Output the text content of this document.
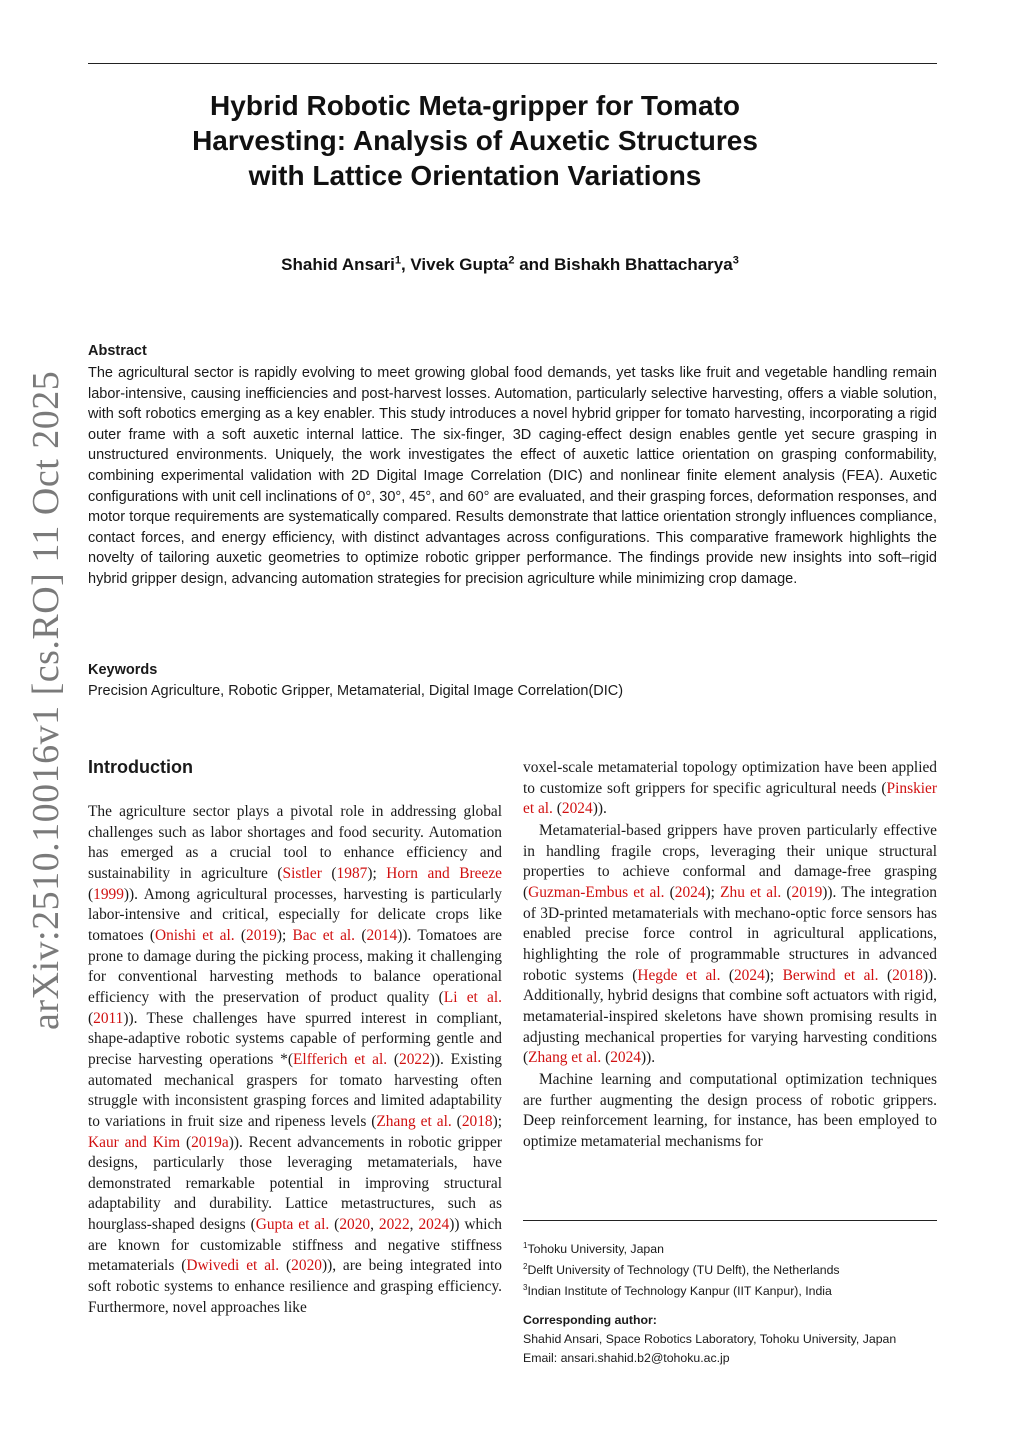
arXiv:2510.10016v1 [cs.RO] 11 Oct 2025
Hybrid Robotic Meta-gripper for Tomato Harvesting: Analysis of Auxetic Structures with Lattice Orientation Variations
Shahid Ansari$^1$, Vivek Gupta$^2$ and Bishakh Bhattacharya$^3$
Abstract

The agricultural sector is rapidly evolving to meet growing global food demands, yet tasks like fruit and vegetable handling remain labor-intensive, causing inefficiencies and post-harvest losses. Automation, particularly selective harvesting, offers a viable solution, with soft robotics emerging as a key enabler. This study introduces a novel hybrid gripper for tomato harvesting, incorporating a rigid outer frame with a soft auxetic internal lattice. The six-finger, 3D caging-effect design enables gentle yet secure grasping in unstructured environments. Uniquely, the work investigates the effect of auxetic lattice orientation on grasping conformability, combining experimental validation with 2D Digital Image Correlation (DIC) and nonlinear finite element analysis (FEA). Auxetic configurations with unit cell inclinations of 0°, 30°, 45°, and 60° are evaluated, and their grasping forces, deformation responses, and motor torque requirements are systematically compared. Results demonstrate that lattice orientation strongly influences compliance, contact forces, and energy efficiency, with distinct advantages across configurations. This comparative framework highlights the novelty of tailoring auxetic geometries to optimize robotic gripper performance. The findings provide new insights into soft–rigid hybrid gripper design, advancing automation strategies for precision agriculture while minimizing crop damage.

Keywords
Precision Agriculture, Robotic Gripper, Metamaterial, Digital Image Correlation(DIC)
Introduction

The agriculture sector plays a pivotal role in addressing global challenges such as labor shortages and food security. Automation has emerged as a crucial tool to enhance efficiency and sustainability in agriculture (Sistler (1987); Horn and Breeze (1999)). Among agricultural processes, harvesting is particularly labor-intensive and critical, especially for delicate crops like tomatoes (Onishi et al. (2019); Bac et al. (2014)). Tomatoes are prone to damage during the picking process, making it challenging for conventional harvesting methods to balance operational efficiency with the preservation of product quality (Li et al. (2011)). These challenges have spurred interest in compliant, shape-adaptive robotic systems capable of performing gentle and precise harvesting operations *(Elfferich et al. (2022)). Existing automated mechanical graspers for tomato harvesting often struggle with inconsistent grasping forces and limited adaptability to variations in fruit size and ripeness levels (Zhang et al. (2018); Kaur and Kim (2019a)). Recent advancements in robotic gripper designs, particularly those leveraging metamaterials, have demonstrated remarkable potential in improving structural adaptability and durability. Lattice metastructures, such as hourglass-shaped designs (Gupta et al. (2020, 2022, 2024)) which are known for customizable stiffness and negative stiffness metamaterials (Dwivedi et al. (2020)), are being integrated into soft robotic systems to enhance resilience and grasping efficiency. Furthermore, novel approaches like

voxel-scale metamaterial topology optimization have been applied to customize soft grippers for specific agricultural needs (Pinskier et al. (2024)).

Metamaterial-based grippers have proven particularly effective in handling fragile crops, leveraging their unique structural properties to achieve conformal and damage-free grasping (Guzman-Embus et al. (2024); Zhu et al. (2019)). The integration of 3D-printed metamaterials with mechano-optic force sensors has enabled precise force control in agricultural applications, highlighting the role of programmable structures in advanced robotic systems (Hegde et al. (2024); Berwind et al. (2018)). Additionally, hybrid designs that combine soft actuators with rigid, metamaterial-inspired skeletons have shown promising results in adjusting mechanical properties for varying harvesting conditions (Zhang et al. (2024)).

Machine learning and computational optimization techniques are further augmenting the design process of robotic grippers. Deep reinforcement learning, for instance, has been employed to optimize metamaterial mechanisms for

$^1$Tohoku University, Japan
$^2$Delft University of Technology (TU Delft), the Netherlands
$^3$Indian Institute of Technology Kanpur (IIT Kanpur), India
Corresponding author:
Shahid Ansari, Space Robotics Laboratory, Tohoku University, Japan
Email: ansari.shahid.b2@tohoku.ac.jp
